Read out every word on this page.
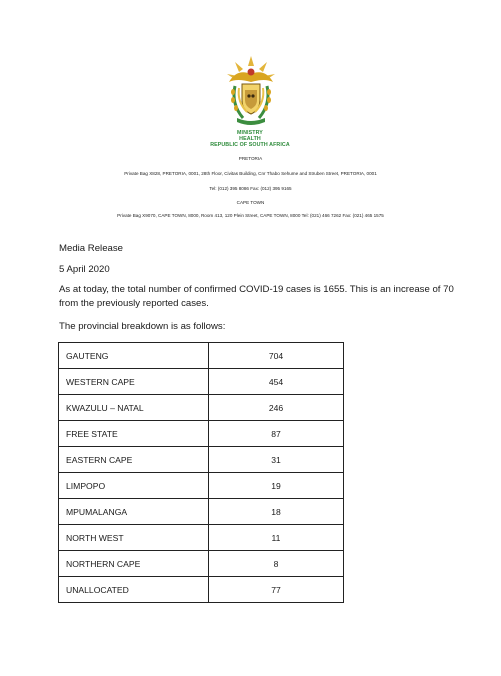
MINISTRY
HEALTH
REPUBLIC OF SOUTH AFRICA
PRETORIA
Private Bag X828, PRETORIA, 0001, 28th Floor, Civitas Building, Cnr Thabo Sehume and Struben Street, PRETORIA, 0001
Tel: (012) 395 8086 Fax: (012) 395 9165
CAPE TOWN
Private Bag X9070, CAPE TOWN, 8000, Room 413, 120 Plein Street, CAPE TOWN, 8000 Tel: (021) 466 7262 Fax: (021) 465 1575
Media Release
5 April 2020
As at today, the total number of confirmed COVID-19 cases is 1655. This is an increase of 70
from the previously reported cases.
The provincial breakdown is as follows:
GAUTENG	704
WESTERN CAPE	454
KWAZULU – NATAL	246
FREE STATE	87
EASTERN CAPE	31
LIMPOPO	19
MPUMALANGA	18
NORTH WEST	11
NORTHERN CAPE	8
UNALLOCATED	77
